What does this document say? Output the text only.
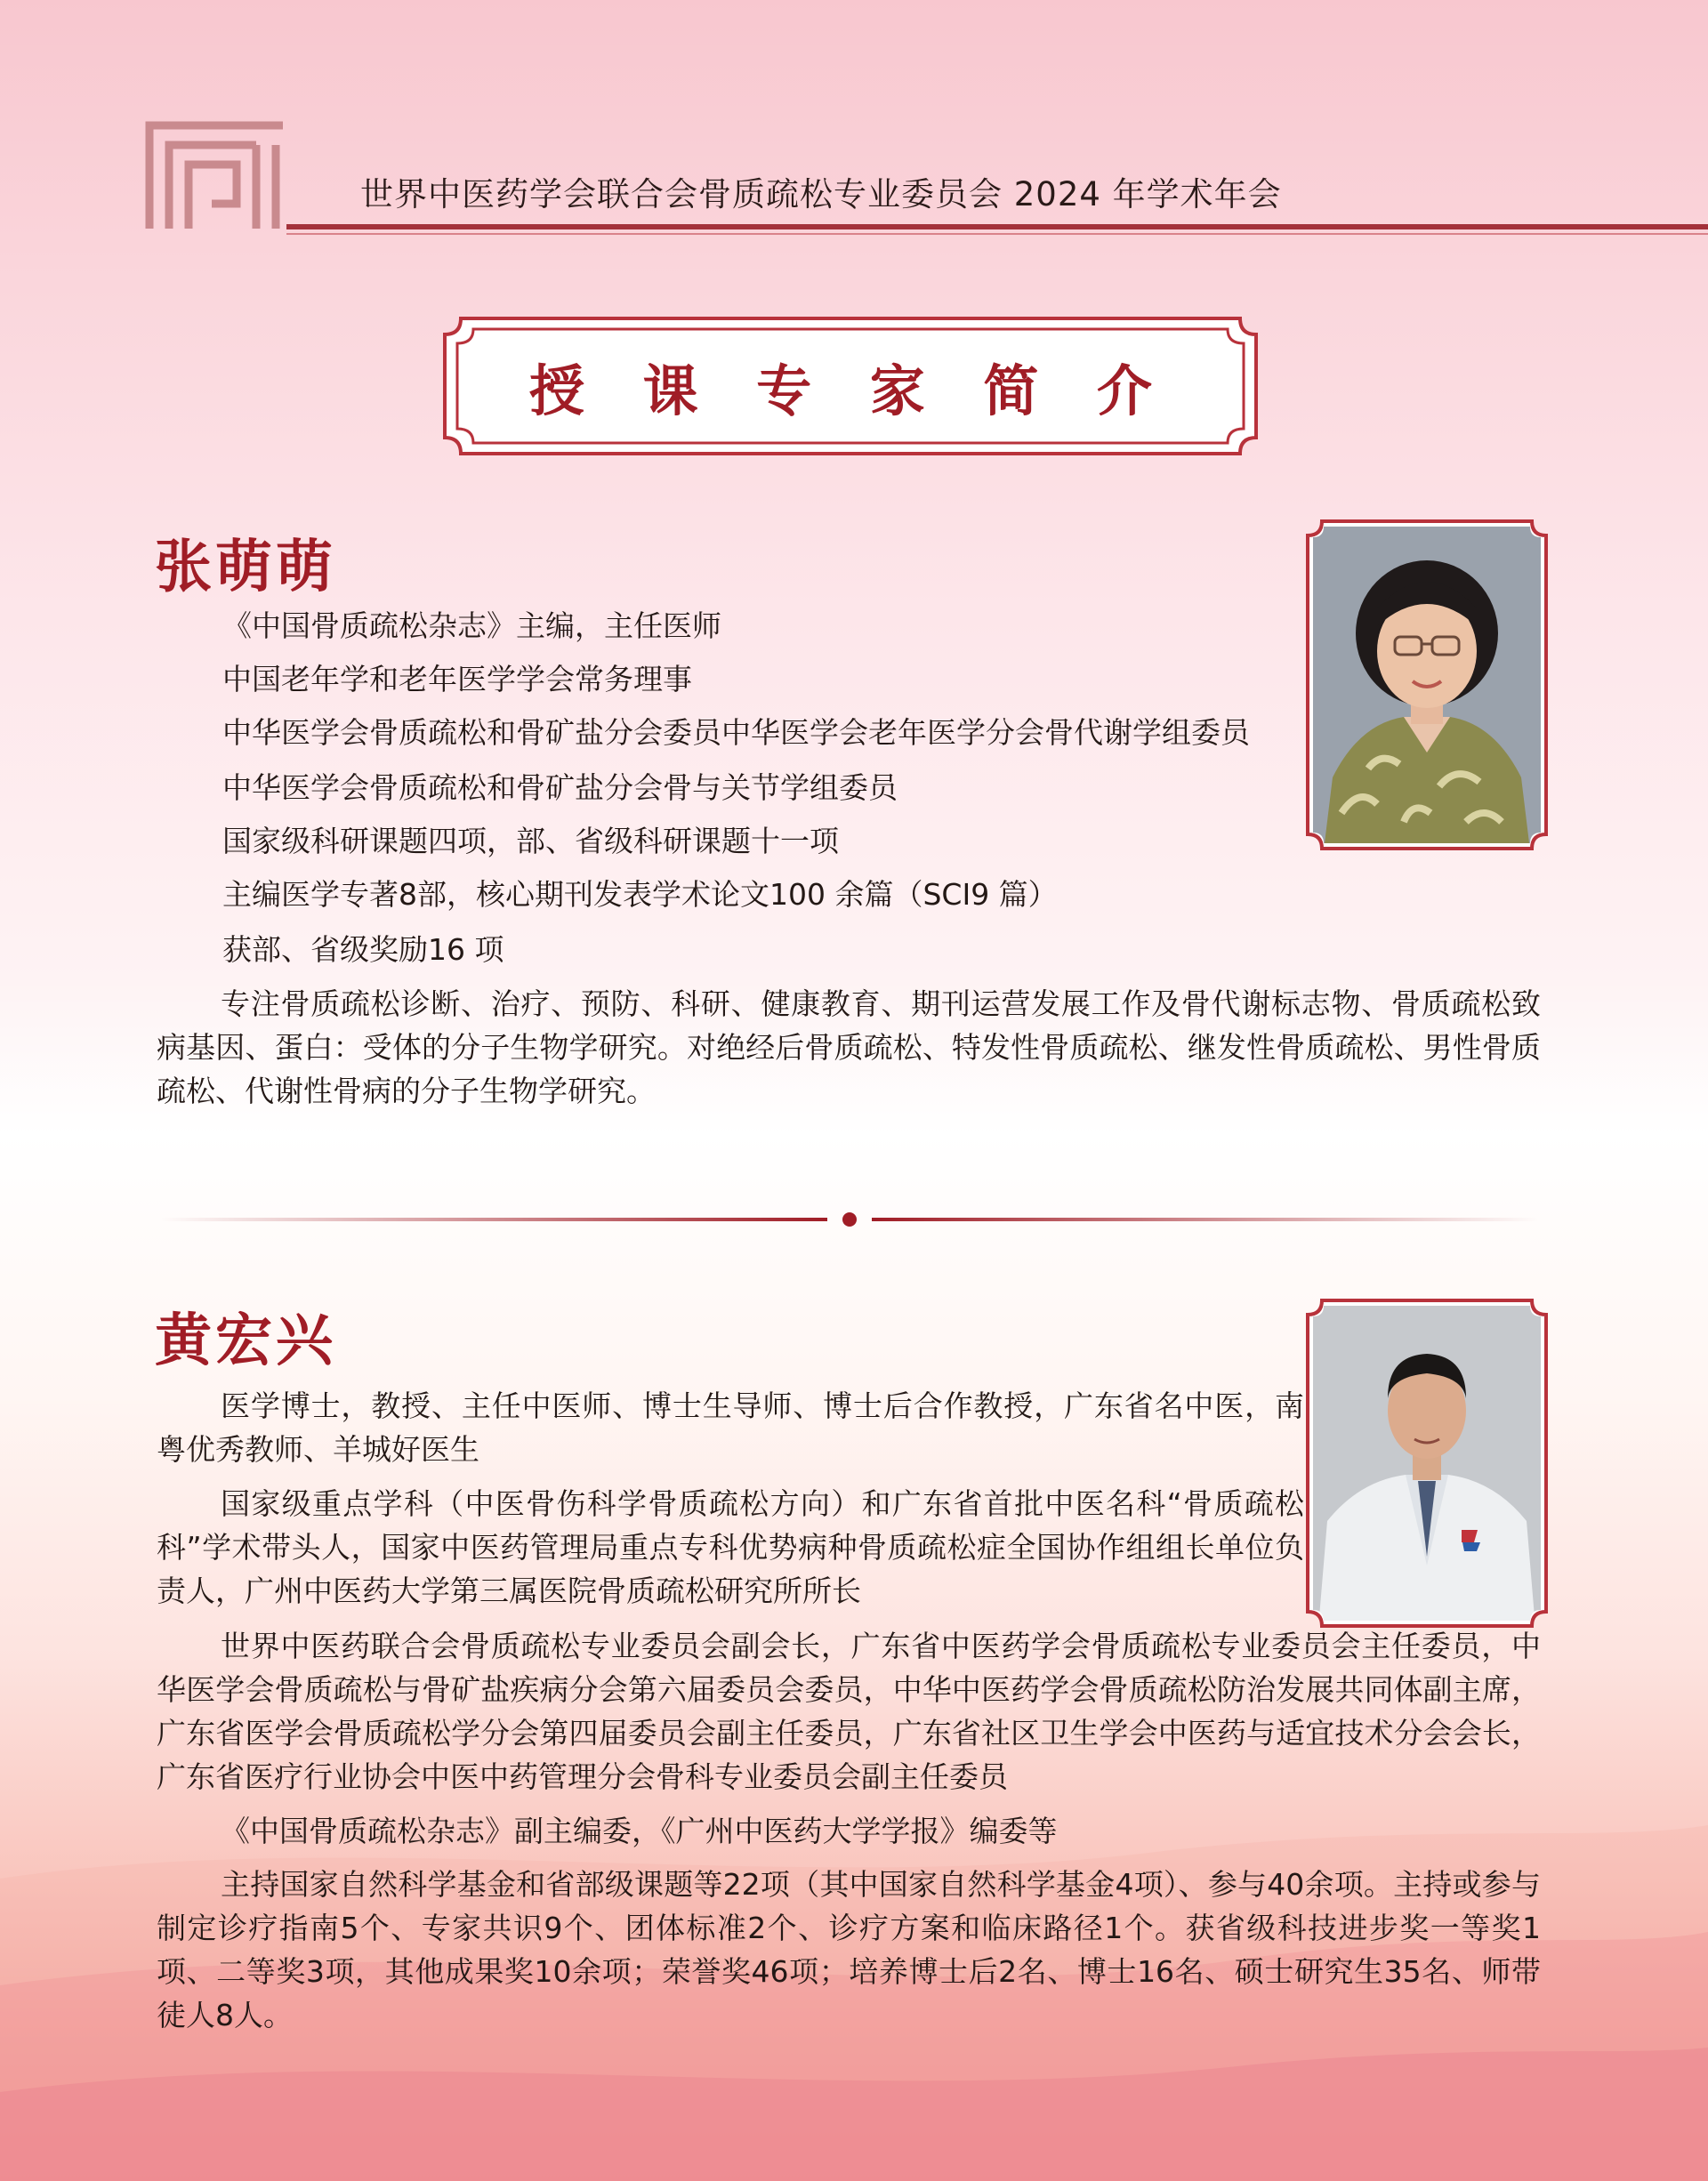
世界中医药学会联合会骨质疏松专业委员会 2024 年学术年会
授 课 专 家 简 介
张萌萌

《中国骨质疏松杂志》主编，主任医师

中国老年学和老年医学学会常务理事

中华医学会骨质疏松和骨矿盐分会委员中华医学会老年医学分会骨代谢学组委员

中华医学会骨质疏松和骨矿盐分会骨与关节学组委员

国家级科研课题四项，部、省级科研课题十一项

主编医学专著8部，核心期刊发表学术论文100 余篇（SCI9 篇）

获部、省级奖励16 项

专注骨质疏松诊断、治疗、预防、科研、健康教育、期刊运营发展工作及骨代谢标志物、骨质疏松致病基因、蛋白：受体的分子生物学研究。对绝经后骨质疏松、特发性骨质疏松、继发性骨质疏松、男性骨质疏松、代谢性骨病的分子生物学研究。

黄宏兴

医学博士，教授、主任中医师、博士生导师、博士后合作教授，广东省名中医，南粤优秀教师、羊城好医生

国家级重点学科（中医骨伤科学骨质疏松方向）和广东省首批中医名科“骨质疏松科”学术带头人，国家中医药管理局重点专科优势病种骨质疏松症全国协作组组长单位负责人，广州中医药大学第三属医院骨质疏松研究所所长

世界中医药联合会骨质疏松专业委员会副会长，广东省中医药学会骨质疏松专业委员会主任委员，中华医学会骨质疏松与骨矿盐疾病分会第六届委员会委员，中华中医药学会骨质疏松防治发展共同体副主席，广东省医学会骨质疏松学分会第四届委员会副主任委员，广东省社区卫生学会中医药与适宜技术分会会长，广东省医疗行业协会中医中药管理分会骨科专业委员会副主任委员

《中国骨质疏松杂志》副主编委，《广州中医药大学学报》编委等

主持国家自然科学基金和省部级课题等22项（其中国家自然科学基金4项）、参与40余项。主持或参与制定诊疗指南5个、专家共识9个、团体标准2个、诊疗方案和临床路径1个。获省级科技进步奖一等奖1项、二等奖3项，其他成果奖10余项；荣誉奖46项；培养博士后2名、博士16名、硕士研究生35名、师带徒人8人。
